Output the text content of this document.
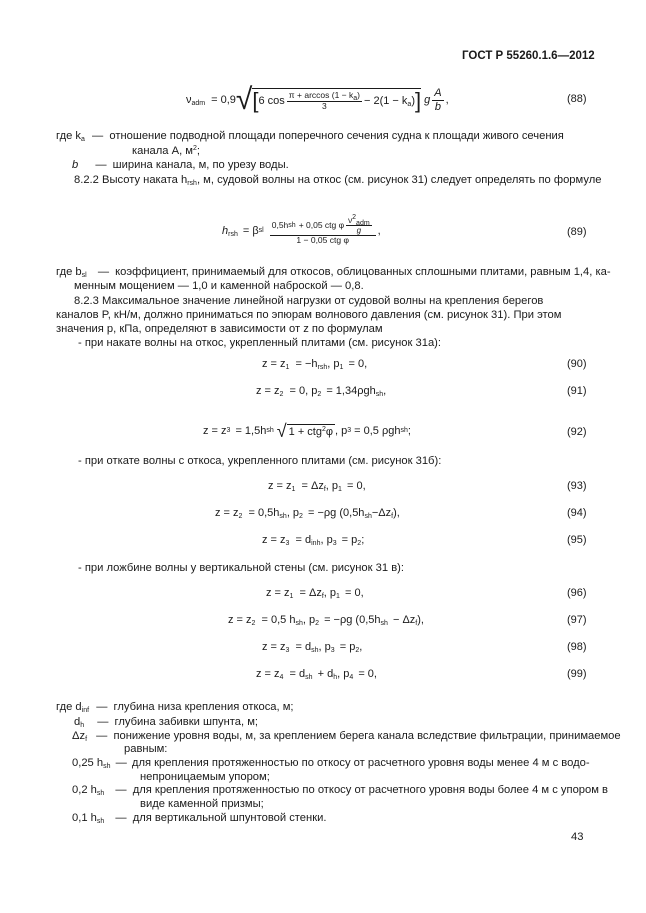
ГОСТ Р 55260.1.6—2012
$\nu_{adm} = 0,9$ √ [ 6 $\cos \frac{\pi + \arccos (1 - k_a)}{3} - 2(1 - k_a)$ ] g $\frac{A}{b}$ ,	(88)
где $k_a$ — отношение подводной площади поперечного сечения судна к площади живого сечения
канала А, $м^2$;
b — ширина канала, м, по урезу воды.
8.2.2 Высоту наката $h_{rsh}$, м, судовой волны на откос (см. рисунок 31) следует определять по формуле
$h_{rsh} = \beta$ sl $\frac{0,5h sh + 0,05 ctg \varphi \frac{\nu^2_{adm}}{g}}{\text{1 − 0,05 ctg φ}}$ ,	(89)
где $b_{sl}$ — коэффициент, принимаемый для откосов, облицованных сплошными плитами, равным 1,4, ка-
менным мощением — 1,0 и каменной наброской — 0,8.
8.2.3 Максимальное значение линейной нагрузки от судовой волны на крепления берегов
каналов P, кН/м, должно приниматься по эпюрам волнового давления (см. рисунок 31). При этом
значения p, кПа, определяют в зависимости от z по формулам
- при накате волны на откос, укрепленный плитами (см. рисунок 31а):
$z = z_1 = -h_{rsh}$, $p_1 = 0$,	(90)
$z = z_2 = 0$, $p_2 = 1,34\rho gh_{sh}$,	(91)
z = z 3 = 1,5h sh √ 1 + ctg$^2$φ , p 3 = 0,5 ρgh sh ;	(92)
- при откате волны с откоса, укрепленного плитами (см. рисунок 31б):
$z = z_1 = \Delta z_f$, $p_1 = 0$,	(93)
$z = z_2 = 0,5h_{sh}$, $p_2 = -\rho g$ $(0,5h_{sh}-\Delta z_f)$,	(94)
$z = z_3 = d_{inh}$, $p_3 = p_2$;	(95)
- при ложбине волны у вертикальной стены (см. рисунок 31 в):
$z = z_1 = \Delta z_f$, $p_1 = 0$,	(96)
$z = z_2 = 0,5$ $h_{sh}$, $p_2 = -\rho g$ $(0,5h_{sh} - \Delta z_f)$,	(97)
$z = z_3 = d_{sh}$, $p_3 = p_2$,	(98)
$z = z_4 = d_{sh} + d_h$, $p_4 = 0$,	(99)
где $d_{inf}$ — глубина низа крепления откоса, м;
$d_h$ — глубина забивки шпунта, м;
$\Delta z_f$ — понижение уровня воды, м, за креплением берега канала вследствие фильтрации, принимаемое
равным:
0,25 $h_{sh}$ — для крепления протяженностью по откосу от расчетного уровня воды менее 4 м с водо-
непроницаемым упором;
0,2 $h_{sh}$ — для крепления протяженностью по откосу от расчетного уровня воды более 4 м с упором в
виде каменной призмы;
0,1 $h_{sh}$ — для вертикальной шпунтовой стенки.
43
